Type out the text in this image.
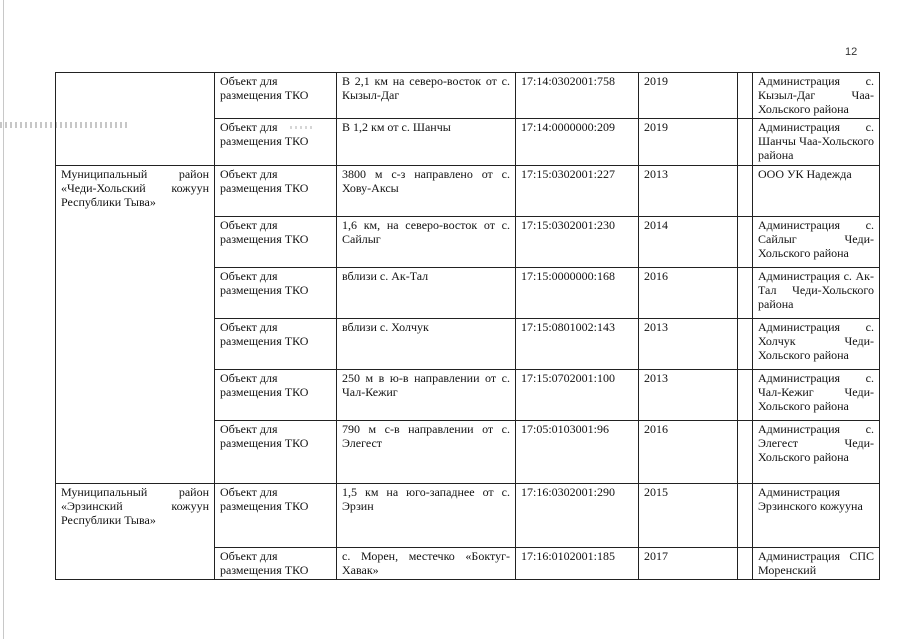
12
	Объект для размещения ТКО	В 2,1 км на северо-восток от с. Кызыл-Даг	17:14:0302001:758	2019		Администрация с. Кызыл-Даг Чаа-Хольского района
	Объект для размещения ТКО	В 1,2 км от с. Шанчы	17:14:0000000:209	2019		Администрация с. Шанчы Чаа-Хольского района
Муниципальный район «Чеди-Хольский кожуун Республики Тыва»	Объект для размещения ТКО	3800 м с-з направлено от с. Хову-Аксы	17:15:0302001:227	2013		ООО УК Надежда
	Объект для размещения ТКО	1,6 км, на северо-восток от с. Сайлыг	17:15:0302001:230	2014		Администрация с. Сайлыг Чеди-Хольского района
	Объект для размещения ТКО	вблизи с. Ак-Тал	17:15:0000000:168	2016		Администрация с. Ак-Тал Чеди-Хольского района
	Объект для размещения ТКО	вблизи с. Холчук	17:15:0801002:143	2013		Администрация с. Холчук Чеди-Хольского района
	Объект для размещения ТКО	250 м в ю-в направлении от с. Чал-Кежиг	17:15:0702001:100	2013		Администрация с. Чал-Кежиг Чеди-Хольского района
	Объект для размещения ТКО	790 м с-в направлении от с. Элегест	17:05:0103001:96	2016		Администрация с. Элегест Чеди-Хольского района
Муниципальный район «Эрзинский кожуун Республики Тыва»	Объект для размещения ТКО	1,5 км на юго-западнее от с. Эрзин	17:16:0302001:290	2015		Администрация Эрзинского кожууна
	Объект для размещения ТКО	с. Морен, местечко «Боктуг-Хавак»	17:16:0102001:185	2017		Администрация СПС Моренский
